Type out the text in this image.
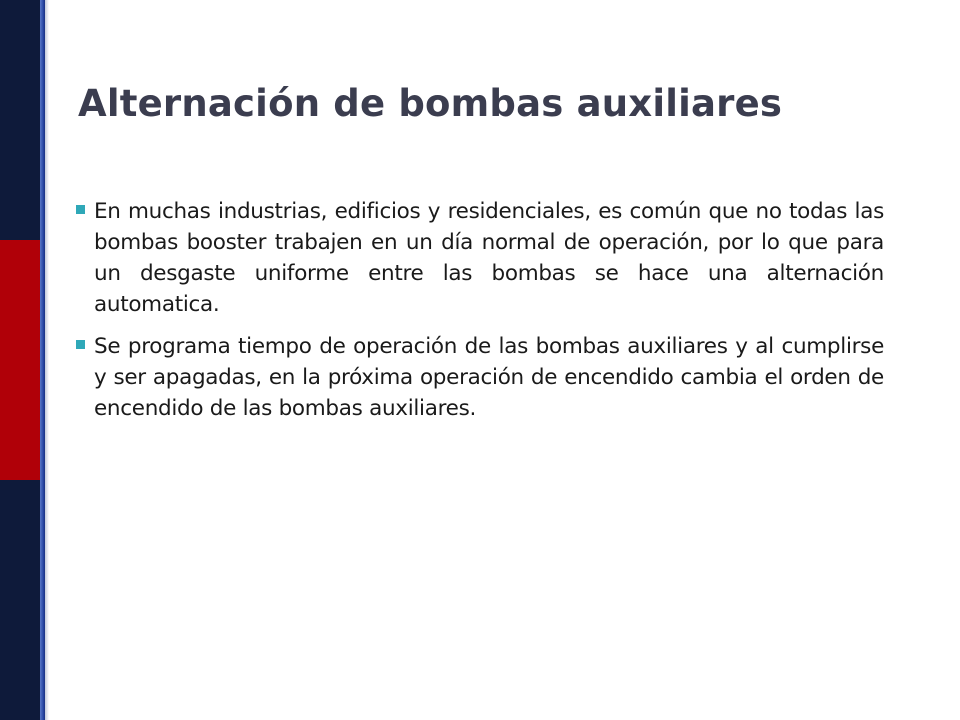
Alternación de bombas auxiliares
En muchas industrias, edificios y residenciales, es común que no todas las bombas booster trabajen en un día normal de operación, por lo que para un desgaste uniforme entre las bombas se hace una alternación automatica.
Se programa tiempo de operación de las bombas auxiliares y al cumplirse y ser apagadas, en la próxima operación de encendido cambia el orden de encendido de las bombas auxiliares.
